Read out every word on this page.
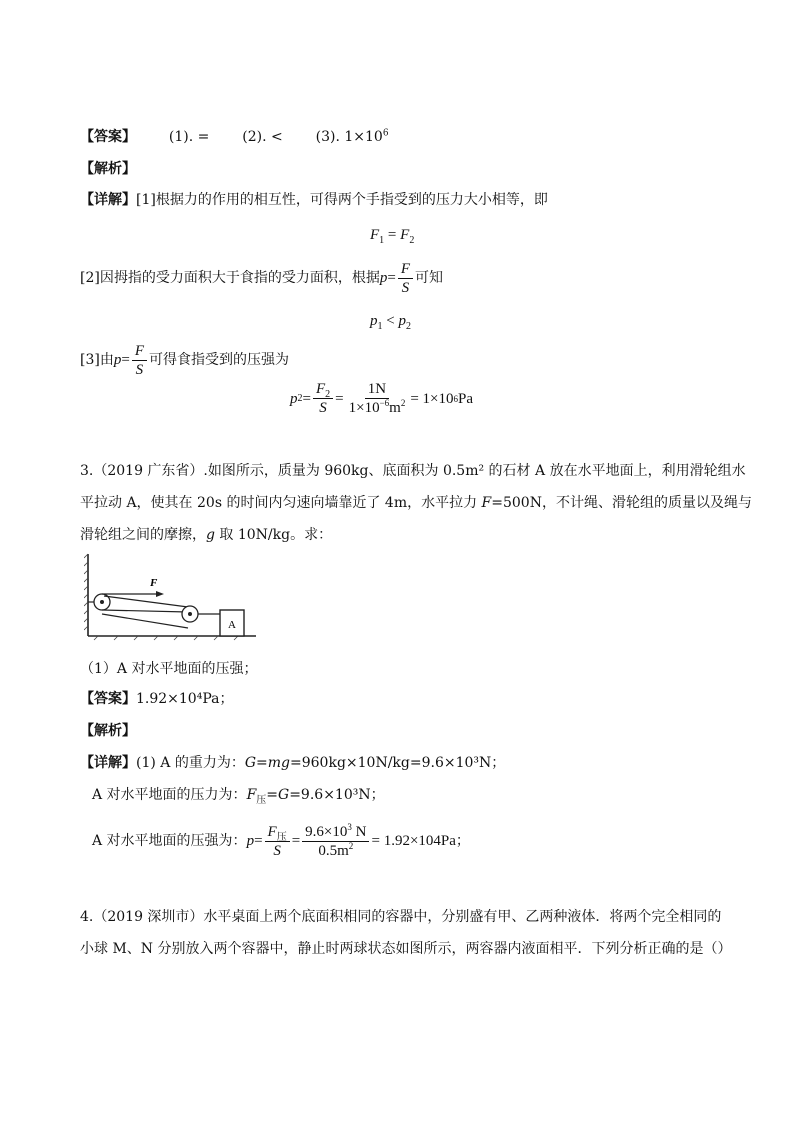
【答案】 (1). = (2). < (3). $1\times 10^6$
【解析】
【详解】[1]根据力的作用的相互性，可得两个手指受到的压力大小相等，即
$F_1 = F_2$
[2]因拇指的受力面积大于食指的受力面积，根据 $p = \frac{F}{S}$ 可知
$p_1 < p_2$
[3]由 $p = \frac{F}{S}$ 可得食指受到的压强为
p $2 = \frac{F_2}{S} = \frac{1N}{1\times 10^{-6}m^2} = 1\times 10$ 6 Pa
3.（2019 广东省）.如图所示，质量为 960kg、底面积为 0.5m² 的石材 A 放在水平地面上，利用滑轮组水
平拉动 A，使其在 20s 的时间内匀速向墙靠近了 4m，水平拉力 F=500N，不计绳、滑轮组的质量以及绳与
滑轮组之间的摩擦，g 取 10N/kg。求：
A
F
（1）A 对水平地面的压强；
【答案】1.92×10⁴Pa；
【解析】
【详解】(1) A 的重力为：G=mg=960kg×10N/kg=9.6×10³N；
A 对水平地面的压力为：$F_压=G=9.6\times 10^3N$；
A 对水平地面的压强为： $p = \frac{F_压}{S} = \frac{9.6\times 10^3 N}{0.5m^2} = 1.92\times 10$ 4 Pa ；
4.（2019 深圳市）水平桌面上两个底面积相同的容器中，分别盛有甲、乙两种液体．将两个完全相同的
小球 M、N 分别放入两个容器中，静止时两球状态如图所示，两容器内液面相平．下列分析正确的是（）
